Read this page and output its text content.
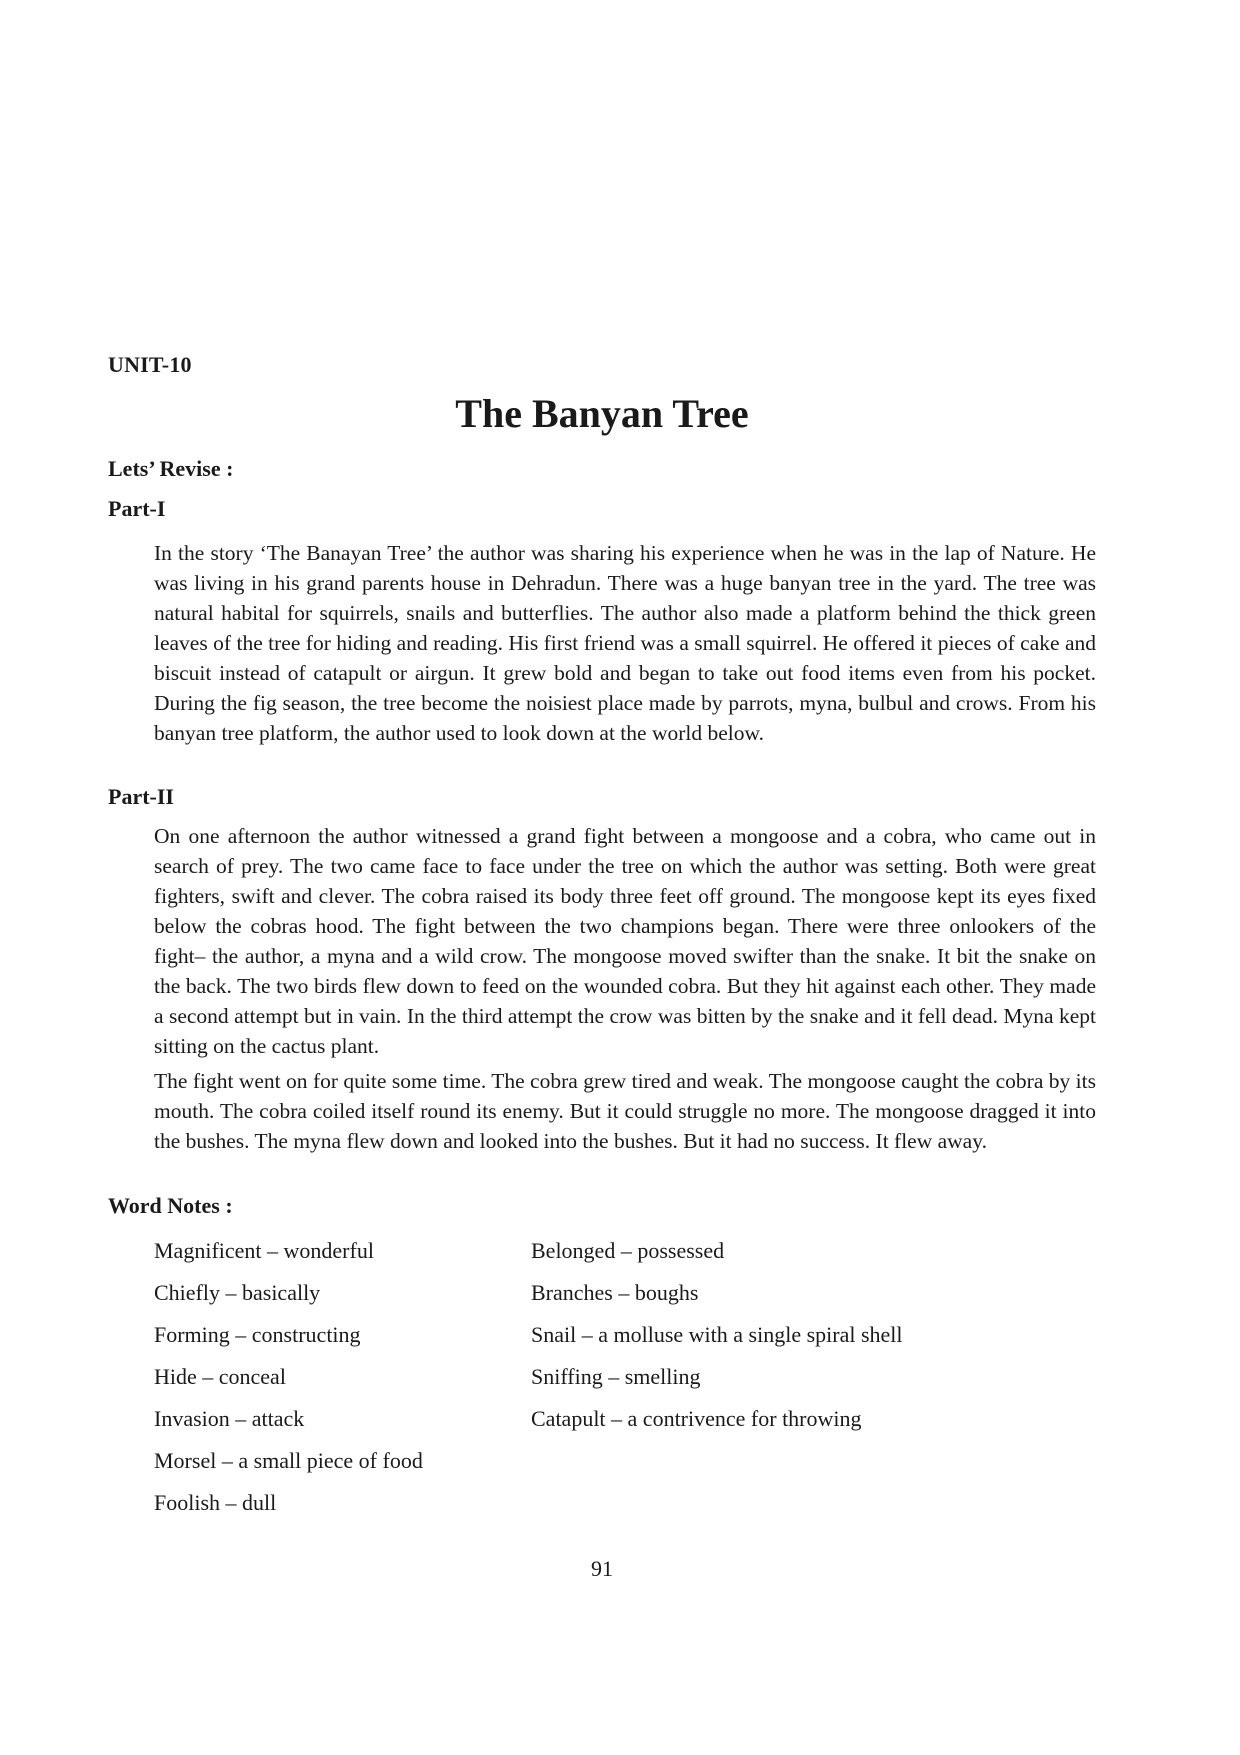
UNIT-10
The Banyan Tree
Lets’ Revise :
Part-I

In the story ‘The Banayan Tree’ the author was sharing his experience when he was in the lap of Nature. He was living in his grand parents house in Dehradun. There was a huge banyan tree in the yard. The tree was natural habital for squirrels, snails and butterflies. The author also made a platform behind the thick green leaves of the tree for hiding and reading. His first friend was a small squirrel. He offered it pieces of cake and biscuit instead of catapult or airgun. It grew bold and began to take out food items even from his pocket. During the fig season, the tree become the noisiest place made by parrots, myna, bulbul and crows. From his banyan tree platform, the author used to look down at the world below.

Part-II

On one afternoon the author witnessed a grand fight between a mongoose and a cobra, who came out in search of prey. The two came face to face under the tree on which the author was setting. Both were great fighters, swift and clever. The cobra raised its body three feet off ground. The mongoose kept its eyes fixed below the cobras hood. The fight between the two champions began. There were three onlookers of the fight– the author, a myna and a wild crow. The mongoose moved swifter than the snake. It bit the snake on the back. The two birds flew down to feed on the wounded cobra. But they hit against each other. They made a second attempt but in vain. In the third attempt the crow was bitten by the snake and it fell dead. Myna kept sitting on the cactus plant.

The fight went on for quite some time. The cobra grew tired and weak. The mongoose caught the cobra by its mouth. The cobra coiled itself round its enemy. But it could struggle no more. The mongoose dragged it into the bushes. The myna flew down and looked into the bushes. But it had no success. It flew away.

Word Notes :
Magnificent – wonderful
Chiefly – basically
Forming – constructing
Hide – conceal
Invasion – attack
Morsel – a small piece of food
Foolish – dull
Belonged – possessed
Branches – boughs
Snail – a molluse with a single spiral shell
Sniffing – smelling
Catapult – a contrivence for throwing
91
